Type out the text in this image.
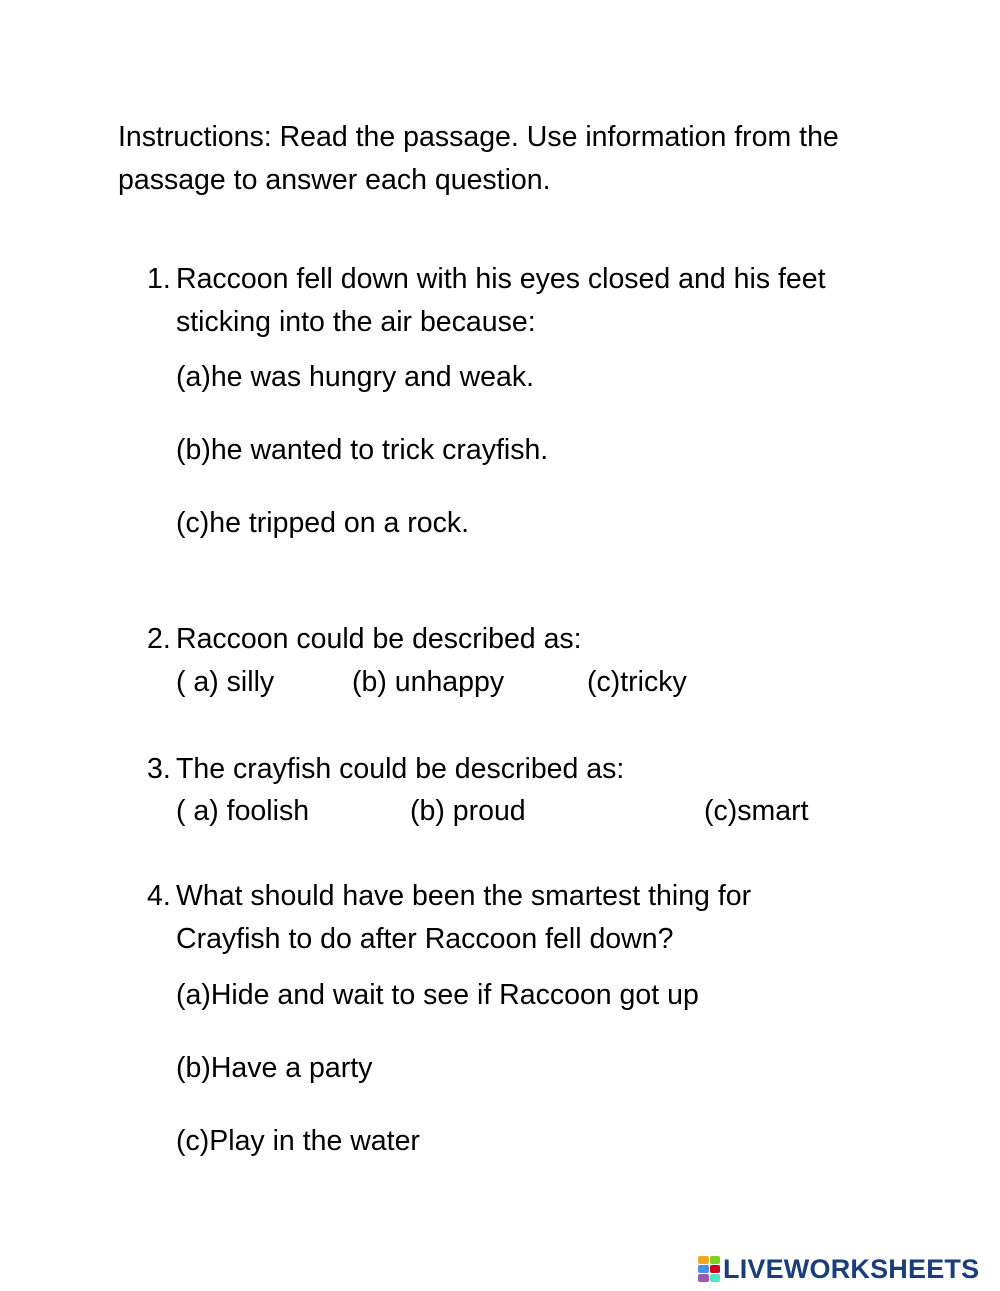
Instructions: Read the passage. Use information from the
passage to answer each question.
1. Raccoon fell down with his eyes closed and his feet
sticking into the air because:
(a)he was hungry and weak.
(b)he wanted to trick crayfish.
(c)he tripped on a rock.
2. Raccoon could be described as:
( a) silly	(b) unhappy	(c)tricky
3. The crayfish could be described as:
( a) foolish	(b) proud	(c)smart
4. What should have been the smartest thing for
Crayfish to do after Raccoon fell down?
(a)Hide and wait to see if Raccoon got up
(b)Have a party
(c)Play in the water
LIVEWORKSHEETS
